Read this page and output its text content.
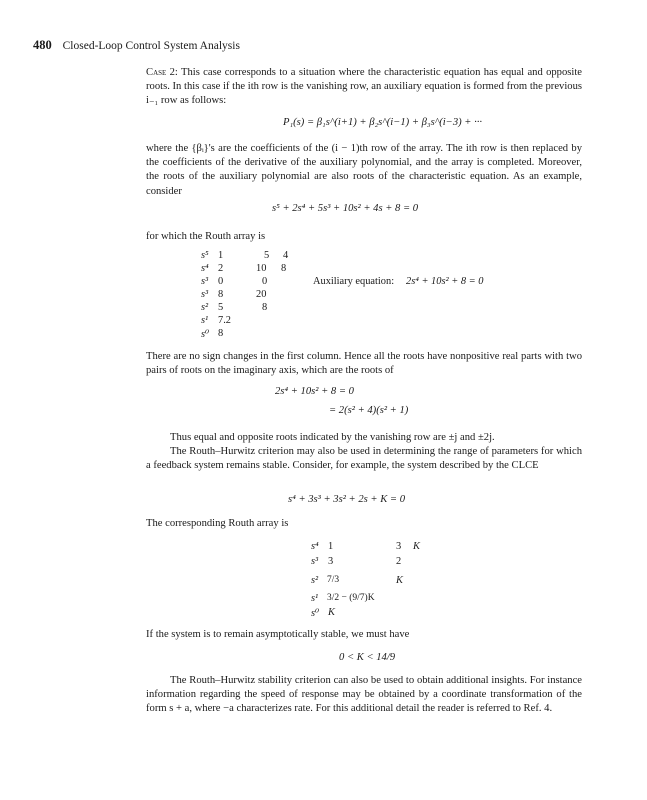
480 Closed-Loop Control System Analysis

Case 2: This case corresponds to a situation where the characteristic equation has equal and opposite roots. In this case if the ith row is the vanishing row, an auxiliary equation is formed from the previous i₋₁ row as follows:

P₁(s) = β₁s^(i+1) + β₂s^(i−1) + β₃s^(i−3) + ···

where the {βᵢ}'s are the coefficients of the (i − 1)th row of the array. The ith row is then replaced by the coefficients of the derivative of the auxiliary polynomial, and the array is completed. Moreover, the roots of the auxiliary polynomial are also roots of the characteristic equation. As an example, consider

s⁵ + 2s⁴ + 5s³ + 10s² + 4s + 8 = 0

for which the Routh array is

s⁵ 1	5 4
s⁴ 2	10 8
s³ 0	0
s³ 8	20
s² 5	8
s¹ 7.2
s⁰ 8
Auxiliary equation: 2s⁴ + 10s² + 8 = 0

There are no sign changes in the first column. Hence all the roots have nonpositive real parts with two pairs of roots on the imaginary axis, which are the roots of

2s⁴ + 10s² + 8 = 0
= 2(s² + 4)(s² + 1)

Thus equal and opposite roots indicated by the vanishing row are ±j and ±2j.

The Routh–Hurwitz criterion may also be used in determining the range of parameters for which a feedback system remains stable. Consider, for example, the system described by the CLCE

s⁴ + 3s³ + 3s² + 2s + K = 0

The corresponding Routh array is

s⁴ 1	3 K
s³ 3	2
s² 7/3	K
s¹ 3/2 − (9/7)K
s⁰ K

If the system is to remain asymptotically stable, we must have

0 < K < 14/9

The Routh–Hurwitz stability criterion can also be used to obtain additional insights. For instance information regarding the speed of response may be obtained by a coordinate transformation of the form s + a, where −a characterizes rate. For this additional detail the reader is referred to Ref. 4.
